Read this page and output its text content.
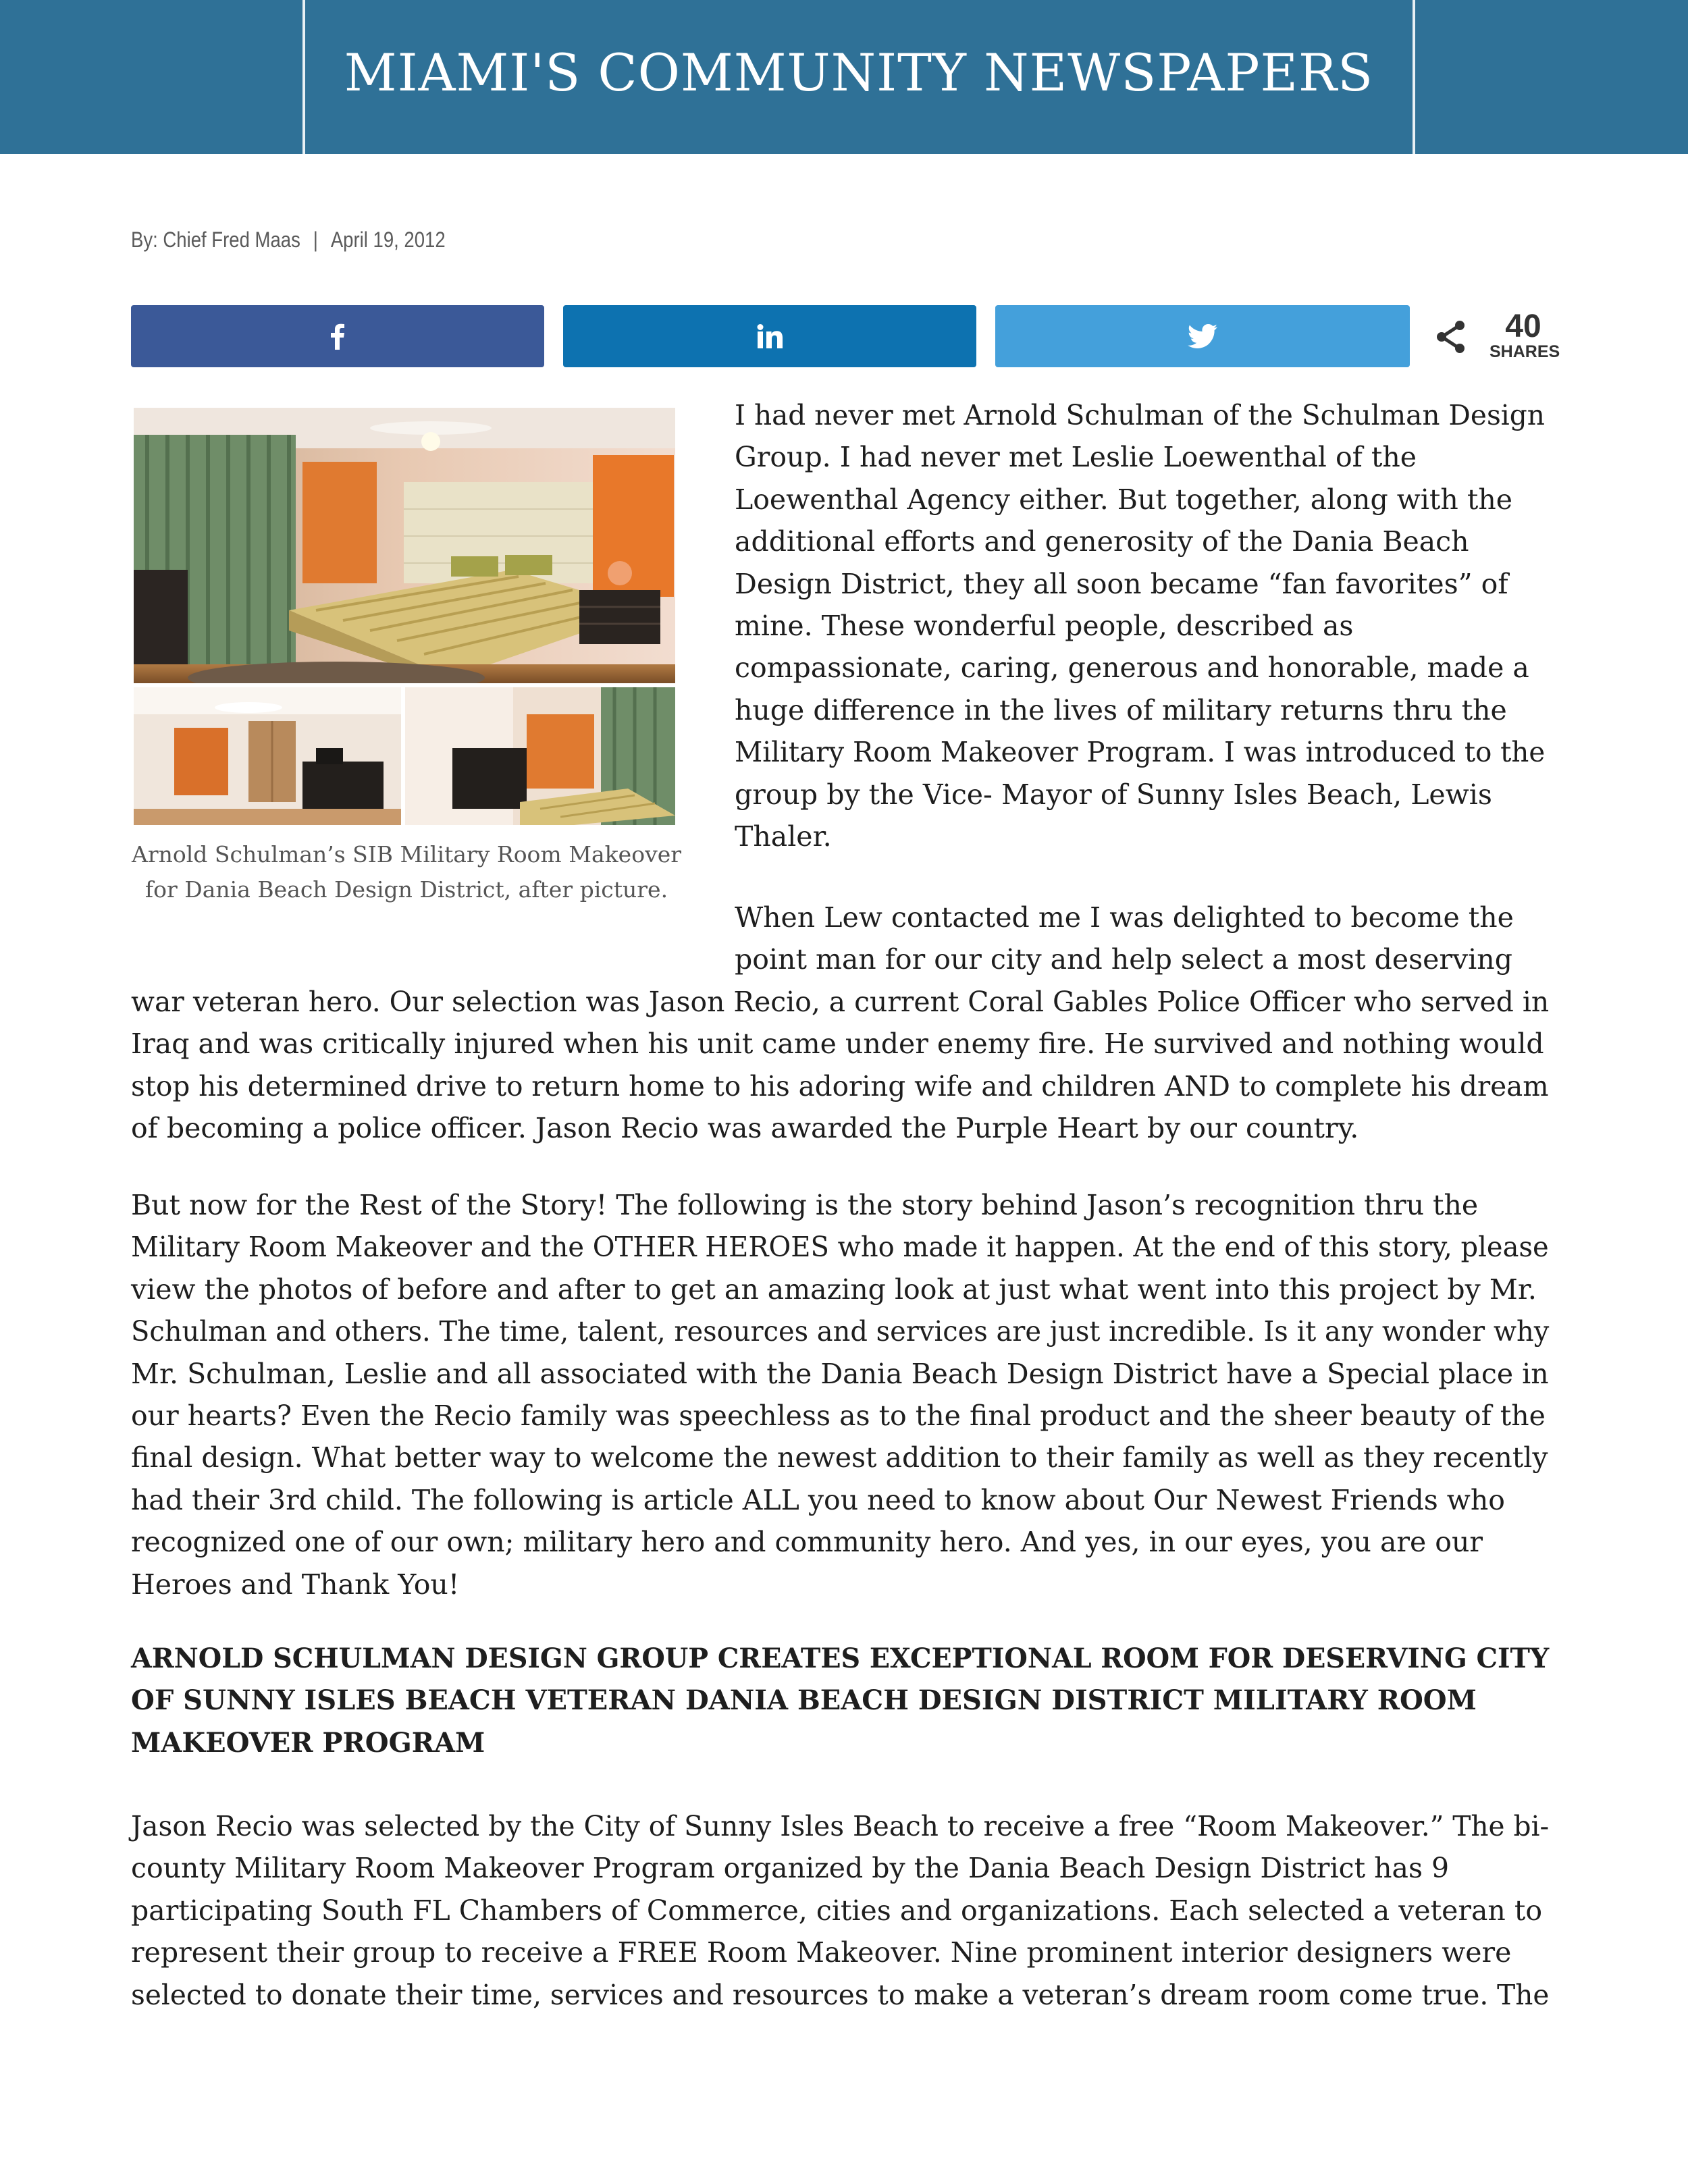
MIAMI'S COMMUNITY NEWSPAPERS
By: Chief Fred Maas | April 19, 2012
40
SHARES
Arnold Schulman’s SIB Military Room Makeover
for Dania Beach Design District, after picture.
I had never met Arnold Schulman of the Schulman Design
Group. I had never met Leslie Loewenthal of the
Loewenthal Agency either. But together, along with the
additional efforts and generosity of the Dania Beach
Design District, they all soon became “fan favorites” of
mine. These wonderful people, described as
compassionate, caring, generous and honorable, made a
huge difference in the lives of military returns thru the
Military Room Makeover Program. I was introduced to the
group by the Vice- Mayor of Sunny Isles Beach, Lewis
Thaler.
When Lew contacted me I was delighted to become the
point man for our city and help select a most deserving
war veteran hero. Our selection was Jason Recio, a current Coral Gables Police Officer who served in
Iraq and was critically injured when his unit came under enemy fire. He survived and nothing would
stop his determined drive to return home to his adoring wife and children AND to complete his dream
of becoming a police officer. Jason Recio was awarded the Purple Heart by our country.
But now for the Rest of the Story! The following is the story behind Jason’s recognition thru the
Military Room Makeover and the OTHER HEROES who made it happen. At the end of this story, please
view the photos of before and after to get an amazing look at just what went into this project by Mr.
Schulman and others. The time, talent, resources and services are just incredible. Is it any wonder why
Mr. Schulman, Leslie and all associated with the Dania Beach Design District have a Special place in
our hearts? Even the Recio family was speechless as to the final product and the sheer beauty of the
final design. What better way to welcome the newest addition to their family as well as they recently
had their 3rd child. The following is article ALL you need to know about Our Newest Friends who
recognized one of our own; military hero and community hero. And yes, in our eyes, you are our
Heroes and Thank You!
ARNOLD SCHULMAN DESIGN GROUP CREATES EXCEPTIONAL ROOM FOR DESERVING CITY
OF SUNNY ISLES BEACH VETERAN DANIA BEACH DESIGN DISTRICT MILITARY ROOM
MAKEOVER PROGRAM
Jason Recio was selected by the City of Sunny Isles Beach to receive a free “Room Makeover.” The bi-
county Military Room Makeover Program organized by the Dania Beach Design District has 9
participating South FL Chambers of Commerce, cities and organizations. Each selected a veteran to
represent their group to receive a FREE Room Makeover. Nine prominent interior designers were
selected to donate their time, services and resources to make a veteran’s dream room come true. The
